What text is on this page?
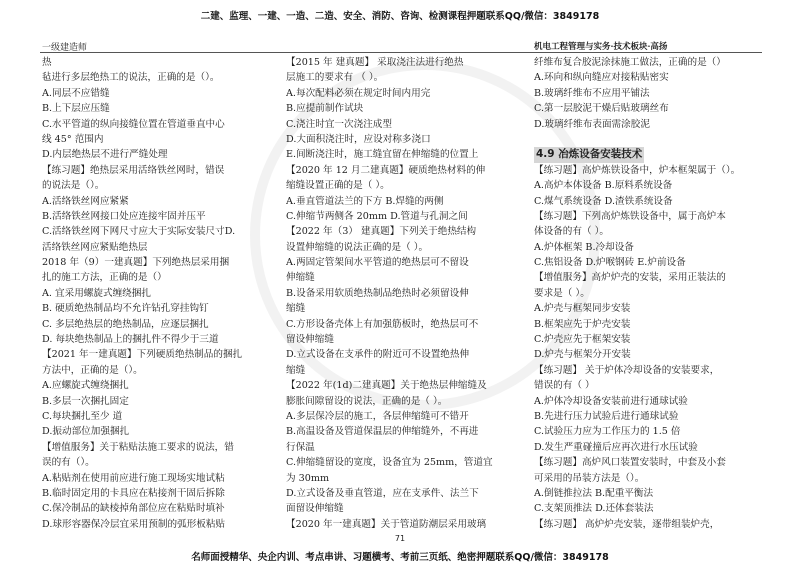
二建、监理、一建、一造、二造、安全、消防、咨询、检测课程押题联系QQ/微信：3849178
一级建造师	机电工程管理与实务·技术板块·高扬
热
毡进行多层绝热工的说法，正确的是（）。
A.同层不应错缝
B.上下层应压缝
C.水平管道的纵向接缝位置在管道垂直中心
线 45° 范围内
D.内层绝热层不进行严缝处理
【练习题】绝热层采用活络铁丝网时，错误
的说法是（）。
A.活络铁丝网应紧紧
B.活络铁丝网接口处应连接牢固并压平
C.活络铁丝网下网尺寸应大于实际安装尺寸D.
活络铁丝网应紧贴绝热层
2018 年（9）一建真题】下列绝热层采用捆
扎的施工方法，正确的是（）
A. 宜采用螺旋式缠绕捆扎
B. 硬质绝热制品均不允许钻孔穿挂钩钉
C. 多层绝热层的绝热制品，应逐层捆扎
D. 每块绝热制品上的捆扎件不得少于三道
【2021 年一建真题】下列硬质绝热制品的捆扎
方法中，正确的是（）。
A.应螺旋式缠绕捆扎
B.多层一次捆扎固定
C.每块捆扎至少 道
D.振动部位加强捆扎
【增值服务】关于粘贴法施工要求的说法，错
误的有（）。
A.粘贴剂在使用前应进行施工现场实地试粘
B.临时固定用的卡具应在粘接剂干固后拆除
C.保冷制品的缺棱掉角部位应在粘贴时填补
D.球形容器保冷层宜采用预制的弧形板粘贴
【2015 年 建真题】 采取浇注法进行绝热
层施工的要求有 （ ）。
A.每次配料必须在规定时间内用完
B.应提前制作试块
C.浇注时宜一次浇注成型
D.大面积浇注时，应设对称多浇口
E.间断浇注时，施工缝宜留在伸缩缝的位置上
【2020 年 12 月二建真题】硬质绝热材料的伸
缩缝设置正确的是（ ）。
A.垂直管道法兰的下方 B.焊缝的两侧
C.伸缩节两侧各 20mm D.管道与孔洞之间
【2022 年（3） 建真题】下列关于绝热结构
设置伸缩缝的说法正确的是（ ）。
A.两固定管架间水平管道的绝热层可不留设
伸缩缝
B.设备采用软质绝热制品绝热时必须留设伸
缩缝
C.方形设备壳体上有加强筋板时，绝热层可不
留设伸缩缝
D.立式设备在支承件的附近可不设置绝热伸
缩缝
【2022 年(1d)二建真题】关于绝热层伸缩缝及
膨胀间隙留设的说法，正确的是（ ）。
A.多层保冷层的施工，各层伸缩缝可不错开
B.高温设备及管道保温层的伸缩缝外，不再进
行保温
C.伸缩缝留设的宽度，设备宜为 25mm，管道宜
为 30mm
D.立式设备及垂直管道，应在支承件、法兰下
面留设伸缩缝
【2020 年一建真题】关于管道防潮层采用玻璃
纤维布复合胶泥涂抹施工做法，正确的是（）
A.环向和纵向缝应对接粘贴密实
B.玻璃纤维布不应用平铺法
C.第一层胶泥干燥后贴玻璃丝布
D.玻璃纤维布表面需涂胶泥
4.9 冶炼设备安装技术
【练习题】高炉炼铁设备中，炉本框架属于（）。
A.高炉本体设备 B.原料系统设备
C.煤气系统设备 D.渣铁系统设备
【练习题】下列高炉炼铁设备中，属于高炉本
体设备的有（ ）。
A.炉体框架 B.冷却设备
C.焦铝设备 D.炉喉钢砖 E.炉前设备
【增值服务】高炉炉壳的安装，采用正装法的
要求是（ ）。
A.炉壳与框架同步安装
B.框架应先于炉壳安装
C.炉壳应先于框架安装
D.炉壳与框架分开安装
【练习题】 关于炉体冷却设备的安装要求，
错误的有（ ）
A.炉体冷却设备安装前进行通球试验
B.先进行压力试验后进行通球试验
C.试验压力应为工作压力的 1.5 倍
D.发生严重碰撞后应再次进行水压试验
【练习题】高炉风口装置安装时，中套及小套
可采用的吊装方法是（）。
A.倒链推拉法 B.配重平衡法
C.支架顶推法 D.还体套装法
【练习题】 高炉炉壳安装，逐带组装炉壳，
71
名师面授精华、央企内训、考点串讲、习题横考、考前三页纸、绝密押题联系QQ/微信：3849178
